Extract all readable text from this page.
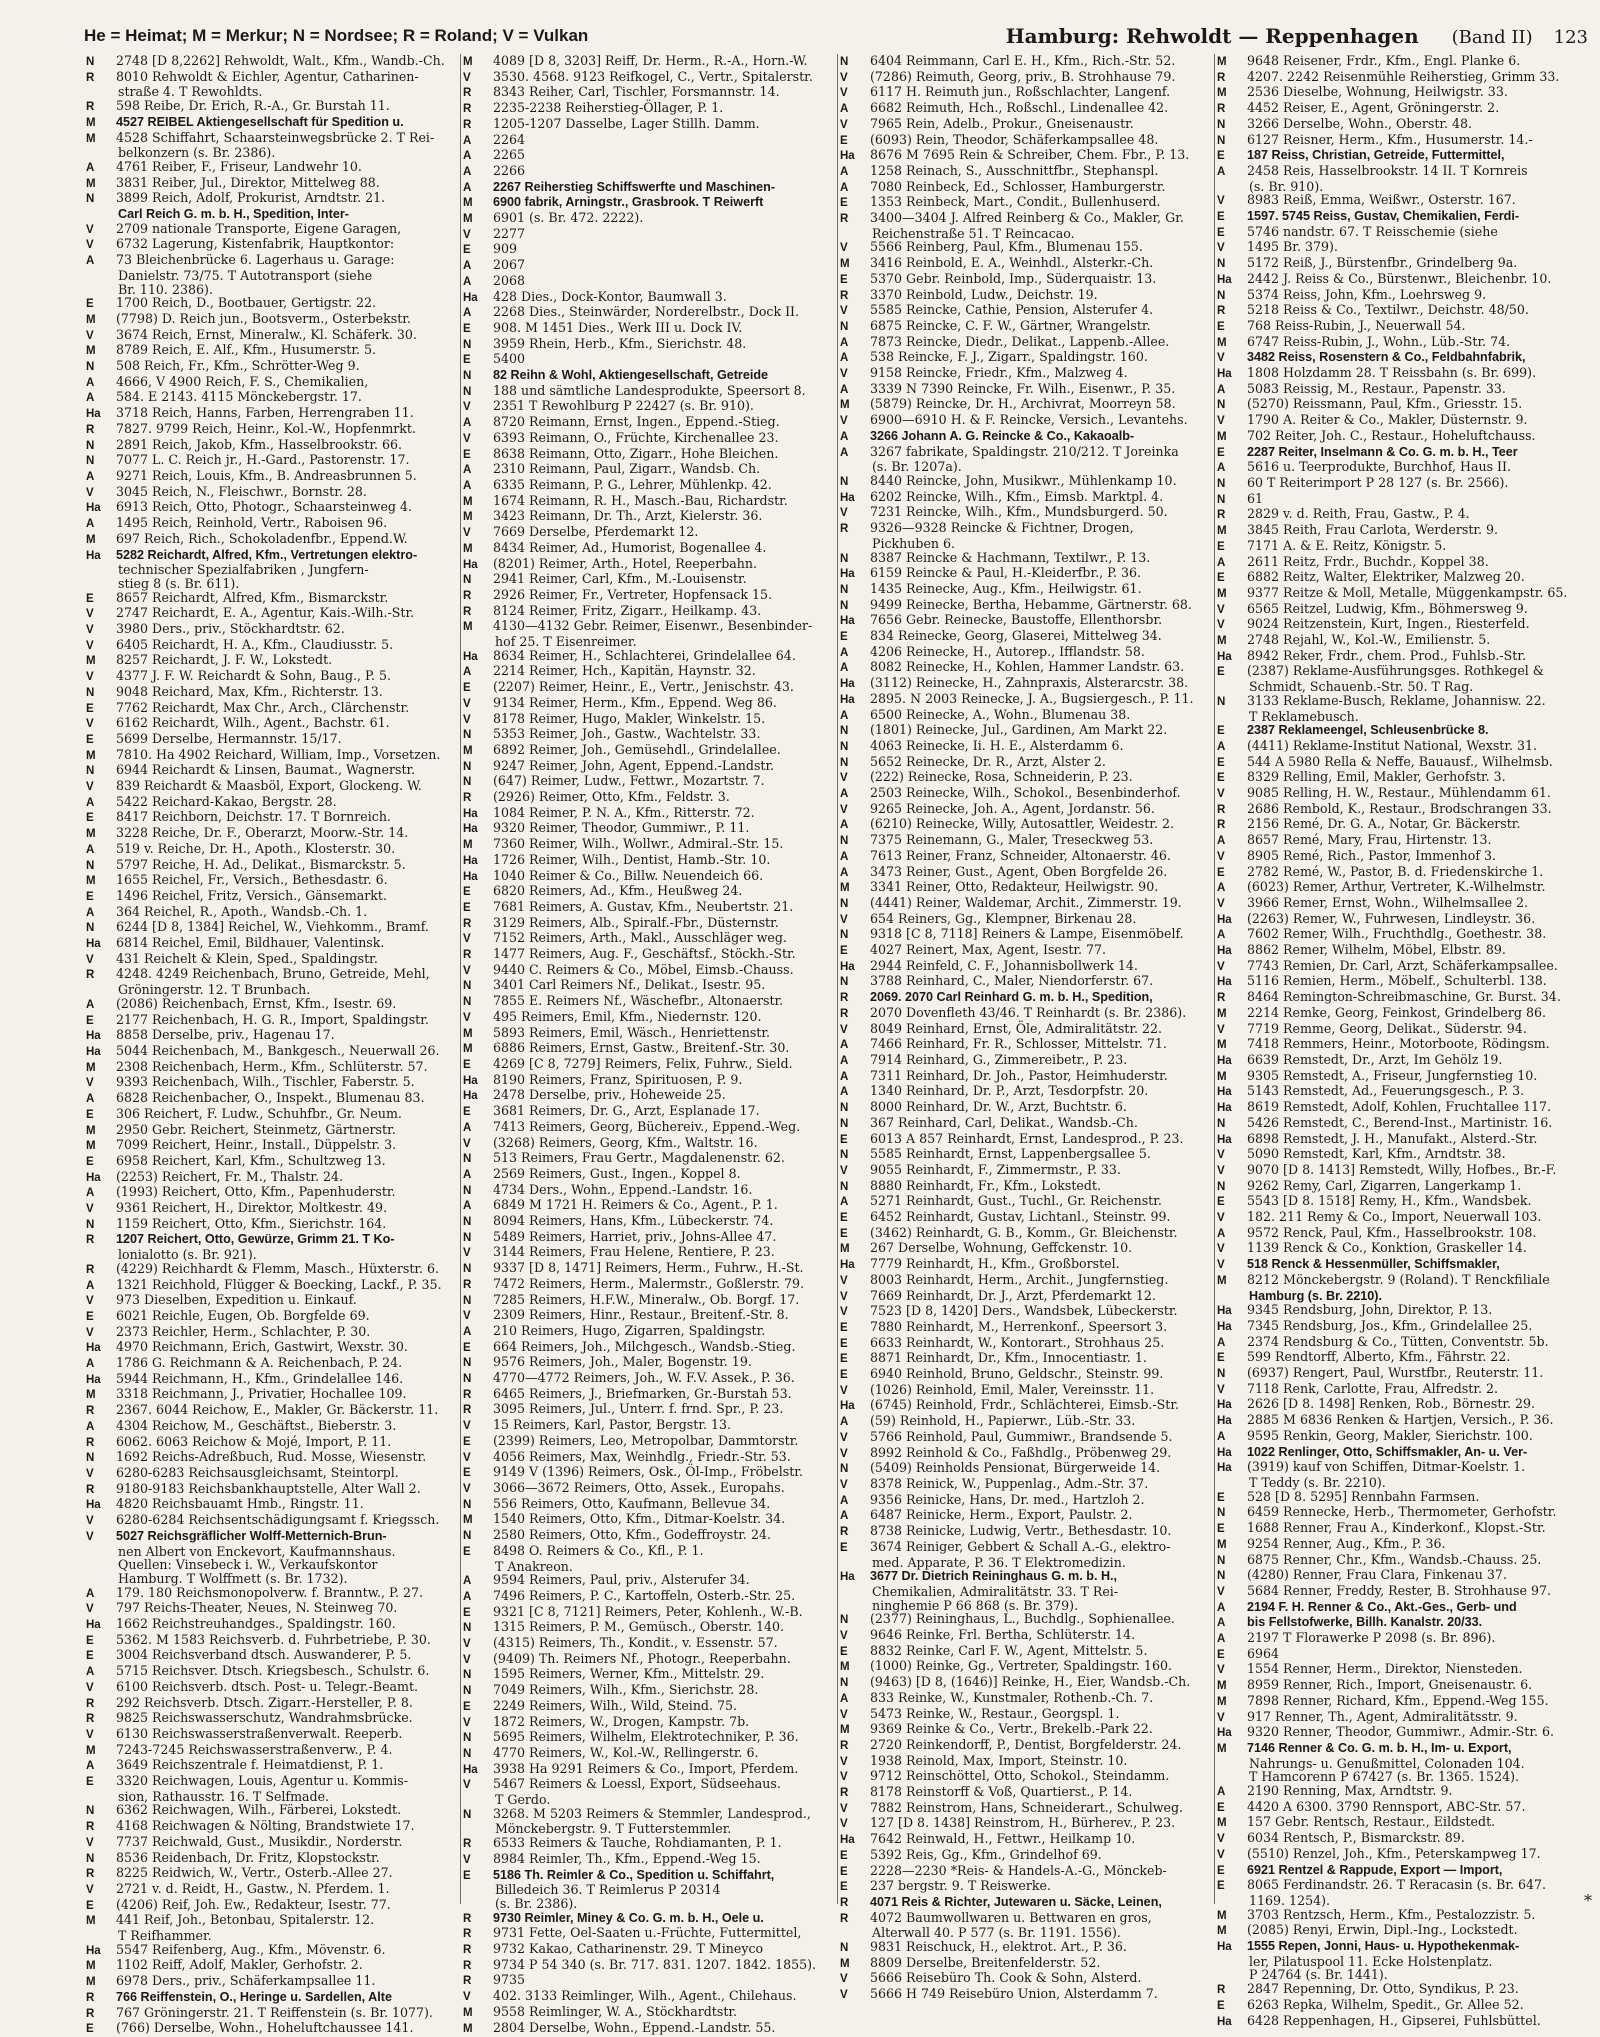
He = Heimat; M = Merkur; N = Nordsee; R = Roland; V = Vulkan	Hamburg: Rehwoldt — Reppenhagen (Band II) 123
N 2748 [D 8,2262] Rehwoldt, Walt., Kfm., Wandb.-Ch.
R 8010 Rehwoldt & Eichler, Agentur, Catharinen-
straße 4. T Rewohldts.
R 598 Reibe, Dr. Erich, R.-A., Gr. Burstah 11.
M 4527 REIBEL Aktiengesellschaft für Spedition u.
M 4528 Schiffahrt, Schaarsteinwegsbrücke 2. T Rei-
belkonzern (s. Br. 2386).
A 4761 Reiber, F., Friseur, Landwehr 10.
M 3831 Reiber, Jul., Direktor, Mittelweg 88.
N 3899 Reich, Adolf, Prokurist, Arndtstr. 21.
Carl Reich G. m. b. H., Spedition, Inter-
V 2709 nationale Transporte, Eigene Garagen,
V 6732 Lagerung, Kistenfabrik, Hauptkontor:
A 73 Bleichenbrücke 6. Lagerhaus u. Garage:
Danielstr. 73/75. T Autotransport (siehe
Br. 110. 2386).
E 1700 Reich, D., Bootbauer, Gertigstr. 22.
M (7798) D. Reich jun., Bootsverm., Osterbekstr.
V 3674 Reich, Ernst, Mineralw., Kl. Schäferk. 30.
M 8789 Reich, E. Alf., Kfm., Husumerstr. 5.
N 508 Reich, Fr., Kfm., Schrötter-Weg 9.
A 4666, V 4900 Reich, F. S., Chemikalien,
A 584. E 2143. 4115 Mönckebergstr. 17.
Ha 3718 Reich, Hanns, Farben, Herrengraben 11.
R 7827. 9799 Reich, Heinr., Kol.-W., Hopfenmrkt.
N 2891 Reich, Jakob, Kfm., Hasselbrookstr. 66.
N 7077 L. C. Reich jr., H.-Gard., Pastorenstr. 17.
A 9271 Reich, Louis, Kfm., B. Andreasbrunnen 5.
V 3045 Reich, N., Fleischwr., Bornstr. 28.
Ha 6913 Reich, Otto, Photogr., Schaarsteinweg 4.
A 1495 Reich, Reinhold, Vertr., Raboisen 96.
M 697 Reich, Rich., Schokoladenfbr., Eppend.W.
Ha 5282 Reichardt, Alfred, Kfm., Vertretungen elektro-
technischer Spezialfabriken , Jungfern-
stieg 8 (s. Br. 611).
E 8657 Reichardt, Alfred, Kfm., Bismarckstr.
V 2747 Reichardt, E. A., Agentur, Kais.-Wilh.-Str.
V 3980 Ders., priv., Stöckhardtstr. 62.
V 6405 Reichardt, H. A., Kfm., Claudiusstr. 5.
M 8257 Reichardt, J. F. W., Lokstedt.
V 4377 J. F. W. Reichardt & Sohn, Baug., P. 5.
N 9048 Reichard, Max, Kfm., Richterstr. 13.
E 7762 Reichardt, Max Chr., Arch., Clärchenstr.
V 6162 Reichardt, Wilh., Agent., Bachstr. 61.
E 5699 Derselbe, Hermannstr. 15/17.
M 7810. Ha 4902 Reichard, William, Imp., Vorsetzen.
N 6944 Reichardt & Linsen, Baumat., Wagnerstr.
V 839 Reichardt & Maasböl, Export, Glockeng. W.
A 5422 Reichard-Kakao, Bergstr. 28.
E 8417 Reichborn, Deichstr. 17. T Bornreich.
M 3228 Reiche, Dr. F., Oberarzt, Moorw.-Str. 14.
A 519 v. Reiche, Dr. H., Apoth., Klosterstr. 30.
N 5797 Reiche, H. Ad., Delikat., Bismarckstr. 5.
M 1655 Reichel, Fr., Versich., Bethesdastr. 6.
E 1496 Reichel, Fritz, Versich., Gänsemarkt.
A 364 Reichel, R., Apoth., Wandsb.-Ch. 1.
N 6244 [D 8, 1384] Reichel, W., Viehkomm., Bramf.
Ha 6814 Reichel, Emil, Bildhauer, Valentinsk.
V 431 Reichelt & Klein, Sped., Spaldingstr.
R 4248. 4249 Reichenbach, Bruno, Getreide, Mehl,
Gröningerstr. 12. T Brunbach.
A (2086) Reichenbach, Ernst, Kfm., Isestr. 69.
E 2177 Reichenbach, H. G. R., Import, Spaldingstr.
Ha 8858 Derselbe, priv., Hagenau 17.
Ha 5044 Reichenbach, M., Bankgesch., Neuerwall 26.
M 2308 Reichenbach, Herm., Kfm., Schlüterstr. 57.
V 9393 Reichenbach, Wilh., Tischler, Faberstr. 5.
A 6828 Reichenbacher, O., Inspekt., Blumenau 83.
E 306 Reichert, F. Ludw., Schuhfbr., Gr. Neum.
M 2950 Gebr. Reichert, Steinmetz, Gärtnerstr.
M 7099 Reichert, Heinr., Install., Düppelstr. 3.
E 6958 Reichert, Karl, Kfm., Schultzweg 13.
Ha (2253) Reichert, Fr. M., Thalstr. 24.
A (1993) Reichert, Otto, Kfm., Papenhuderstr.
V 9361 Reichert, H., Direktor, Moltkestr. 49.
N 1159 Reichert, Otto, Kfm., Sierichstr. 164.
R 1207 Reichert, Otto, Gewürze, Grimm 21. T Ko-
lonialotto (s. Br. 921).
R (4229) Reichhardt & Flemm, Masch., Hüxterstr. 6.
A 1321 Reichhold, Flügger & Boecking, Lackf., P. 35.
V 973 Dieselben, Expedition u. Einkauf.
E 6021 Reichle, Eugen, Ob. Borgfelde 69.
V 2373 Reichler, Herm., Schlachter, P. 30.
Ha 4970 Reichmann, Erich, Gastwirt, Wexstr. 30.
A 1786 G. Reichmann & A. Reichenbach, P. 24.
Ha 5944 Reichmann, H., Kfm., Grindelallee 146.
M 3318 Reichmann, J., Privatier, Hochallee 109.
R 2367. 6044 Reichow, E., Makler, Gr. Bäckerstr. 11.
A 4304 Reichow, M., Geschäftst., Bieberstr. 3.
R 6062. 6063 Reichow & Mojé, Import, P. 11.
N 1692 Reichs-Adreßbuch, Rud. Mosse, Wiesenstr.
V 6280-6283 Reichsausgleichsamt, Steintorpl.
R 9180-9183 Reichsbankhauptstelle, Alter Wall 2.
Ha 4820 Reichsbauamt Hmb., Ringstr. 11.
V 6280-6284 Reichsentschädigungsamt f. Kriegssch.
V 5027 Reichsgräflicher Wolff-Metternich-Brun-
nen Albert von Enckevort, Kaufmannshaus.
Quellen: Vinsebeck i. W., Verkaufskontor
Hamburg. T Wolffmett (s. Br. 1732).
A 179. 180 Reichsmonopolverw. f. Branntw., P. 27.
V 797 Reichs-Theater, Neues, N. Steinweg 70.
Ha 1662 Reichstreuhandges., Spaldingstr. 160.
E 5362. M 1583 Reichsverb. d. Fuhrbetriebe, P. 30.
E 3004 Reichsverband dtsch. Auswanderer, P. 5.
A 5715 Reichsver. Dtsch. Kriegsbesch., Schulstr. 6.
V 6100 Reichsverb. dtsch. Post- u. Telegr.-Beamt.
R 292 Reichsverb. Dtsch. Zigarr.-Hersteller, P. 8.
R 9825 Reichswasserschutz, Wandrahmsbrücke.
V 6130 Reichswasserstraßenverwalt. Reeperb.
M 7243-7245 Reichswasserstraßenverw., P. 4.
A 3649 Reichszentrale f. Heimatdienst, P. 1.
E 3320 Reichwagen, Louis, Agentur u. Kommis-
sion, Rathausstr. 16. T Selfmade.
N 6362 Reichwagen, Wilh., Färberei, Lokstedt.
R 4168 Reichwagen & Nölting, Brandstwiete 17.
V 7737 Reichwald, Gust., Musikdir., Norderstr.
N 8536 Reidenbach, Dr. Fritz, Klopstockstr.
R 8225 Reidwich, W., Vertr., Osterb.-Allee 27.
V 2721 v. d. Reidt, H., Gastw., N. Pferdem. 1.
E (4206) Reif, Joh. Ew., Redakteur, Isestr. 77.
M 441 Reif, Joh., Betonbau, Spitalerstr. 12.
T Reifhammer.
Ha 5547 Reifenberg, Aug., Kfm., Mövenstr. 6.
M 1102 Reiff, Adolf, Makler, Gerhofstr. 2.
M 6978 Ders., priv., Schäferkampsallee 11.
R 766 Reiffenstein, O., Heringe u. Sardellen, Alte
R 767 Gröningerstr. 21. T Reiffenstein (s. Br. 1077).
E (766) Derselbe, Wohn., Hoheluftchaussee 141.
M 4089 [D 8, 3203] Reiff, Dr. Herm., R.-A., Horn.-W.
V 3530. 4568. 9123 Reifkogel, C., Vertr., Spitalerstr.
R 8343 Reiher, Carl, Tischler, Forsmannstr. 14.
R 2235-2238 Reiherstieg-Öllager, P. 1.
R 1205-1207 Dasselbe, Lager Stillh. Damm.
A 2264
A 2265
A 2266
A 2267 Reiherstieg Schiffswerfte und Maschinen-
M 6900 fabrik, Arningstr., Grasbrook. T Reiwerft
M 6901 (s. Br. 472. 2222).
V 2277
E 909
A 2067
A 2068
Ha 428 Dies., Dock-Kontor, Baumwall 3.
A 2268 Dies., Steinwärder, Norderelbstr., Dock II.
E 908. M 1451 Dies., Werk III u. Dock IV.
N 3959 Rhein, Herb., Kfm., Sierichstr. 48.
E 5400
N 82 Reihn & Wohl, Aktiengesellschaft, Getreide
N 188 und sämtliche Landesprodukte, Speersort 8.
V 2351 T Rewohlburg P 22427 (s. Br. 910).
A 8720 Reimann, Ernst, Ingen., Eppend.-Stieg.
V 6393 Reimann, O., Früchte, Kirchenallee 23.
E 8638 Reimann, Otto, Zigarr., Hohe Bleichen.
A 2310 Reimann, Paul, Zigarr., Wandsb. Ch.
A 6335 Reimann, P. G., Lehrer, Mühlenkp. 42.
M 1674 Reimann, R. H., Masch.-Bau, Richardstr.
M 3423 Reimann, Dr. Th., Arzt, Kielerstr. 36.
V 7669 Derselbe, Pferdemarkt 12.
M 8434 Reimer, Ad., Humorist, Bogenallee 4.
Ha (8201) Reimer, Arth., Hotel, Reeperbahn.
N 2941 Reimer, Carl, Kfm., M.-Louisenstr.
R 2926 Reimer, Fr., Vertreter, Hopfensack 15.
R 8124 Reimer, Fritz, Zigarr., Heilkamp. 43.
M 4130—4132 Gebr. Reimer, Eisenwr., Besenbinder-
hof 25. T Eisenreimer.
Ha 8634 Reimer, H., Schlachterei, Grindelallee 64.
A 2214 Reimer, Hch., Kapitän, Haynstr. 32.
E (2207) Reimer, Heinr., E., Vertr., Jenischstr. 43.
V 9134 Reimer, Herm., Kfm., Eppend. Weg 86.
V 8178 Reimer, Hugo, Makler, Winkelstr. 15.
N 5353 Reimer, Joh., Gastw., Wachtelstr. 33.
M 6892 Reimer, Joh., Gemüsehdl., Grindelallee.
N 9247 Reimer, John, Agent, Eppend.-Landstr.
N (647) Reimer, Ludw., Fettwr., Mozartstr. 7.
R (2926) Reimer, Otto, Kfm., Feldstr. 3.
Ha 1084 Reimer, P. N. A., Kfm., Ritterstr. 72.
Ha 9320 Reimer, Theodor, Gummiwr., P. 11.
M 7360 Reimer, Wilh., Wollwr., Admiral.-Str. 15.
Ha 1726 Reimer, Wilh., Dentist, Hamb.-Str. 10.
Ha 1040 Reimer & Co., Billw. Neuendeich 66.
E 6820 Reimers, Ad., Kfm., Heußweg 24.
E 7681 Reimers, A. Gustav, Kfm., Neubertstr. 21.
R 3129 Reimers, Alb., Spiralf.-Fbr., Düsternstr.
V 7152 Reimers, Arth., Makl., Ausschläger weg.
R 1477 Reimers, Aug. F., Geschäftsf., Stöckh.-Str.
V 9440 C. Reimers & Co., Möbel, Eimsb.-Chauss.
N 3401 Carl Reimers Nf., Delikat., Isestr. 95.
N 7855 E. Reimers Nf., Wäschefbr., Altonaerstr.
V 495 Reimers, Emil, Kfm., Niedernstr. 120.
M 5893 Reimers, Emil, Wäsch., Henriettenstr.
M 6886 Reimers, Ernst, Gastw., Breitenf.-Str. 30.
E 4269 [C 8, 7279] Reimers, Felix, Fuhrw., Sield.
Ha 8190 Reimers, Franz, Spirituosen, P. 9.
Ha 2478 Derselbe, priv., Hoheweide 25.
E 3681 Reimers, Dr. G., Arzt, Esplanade 17.
A 7413 Reimers, Georg, Büchereiv., Eppend.-Weg.
V (3268) Reimers, Georg, Kfm., Waltstr. 16.
N 513 Reimers, Frau Gertr., Magdalenenstr. 62.
A 2569 Reimers, Gust., Ingen., Koppel 8.
N 4734 Ders., Wohn., Eppend.-Landstr. 16.
A 6849 M 1721 H. Reimers & Co., Agent., P. 1.
N 8094 Reimers, Hans, Kfm., Lübeckerstr. 74.
N 5489 Reimers, Harriet, priv., Johns-Allee 47.
V 3144 Reimers, Frau Helene, Rentiere, P. 23.
N 9337 [D 8, 1471] Reimers, Herm., Fuhrw., H.-St.
R 7472 Reimers, Herm., Malermstr., Goßlerstr. 79.
N 7285 Reimers, H.F.W., Mineralw., Ob. Borgf. 17.
V 2309 Reimers, Hinr., Restaur., Breitenf.-Str. 8.
A 210 Reimers, Hugo, Zigarren, Spaldingstr.
E 664 Reimers, Joh., Milchgesch., Wandsb.-Stieg.
N 9576 Reimers, Joh., Maler, Bogenstr. 19.
N 4770—4772 Reimers, Joh., W. F.V. Assek., P. 36.
R 6465 Reimers, J., Briefmarken, Gr.-Burstah 53.
R 3095 Reimers, Jul., Unterr. f. frnd. Spr., P. 23.
V 15 Reimers, Karl, Pastor, Bergstr. 13.
E (2399) Reimers, Leo, Metropolbar, Dammtorstr.
V 4056 Reimers, Max, Weinhdlg., Friedr.-Str. 53.
E 9149 V (1396) Reimers, Osk., Öl-Imp., Fröbelstr.
V 3066—3672 Reimers, Otto, Assek., Europahs.
N 556 Reimers, Otto, Kaufmann, Bellevue 34.
M 1540 Reimers, Otto, Kfm., Ditmar-Koelstr. 34.
N 2580 Reimers, Otto, Kfm., Godeffroystr. 24.
E 8498 O. Reimers & Co., Kfl., P. 1.
T Anakreon.
A 9594 Reimers, Paul, priv., Alsterufer 34.
A 7496 Reimers, P. C., Kartoffeln, Osterb.-Str. 25.
E 9321 [C 8, 7121] Reimers, Peter, Kohlenh., W.-B.
N 1315 Reimers, P. M., Gemüsch., Oberstr. 140.
V (4315) Reimers, Th., Kondit., v. Essenstr. 57.
V (9409) Th. Reimers Nf., Photogr., Reeperbahn.
N 1595 Reimers, Werner, Kfm., Mittelstr. 29.
N 7049 Reimers, Wilh., Kfm., Sierichstr. 28.
E 2249 Reimers, Wilh., Wild, Steind. 75.
V 1872 Reimers, W., Drogen, Kampstr. 7b.
N 5695 Reimers, Wilhelm, Elektrotechniker, P. 36.
N 4770 Reimers, W., Kol.-W., Rellingerstr. 6.
Ha 3938 Ha 9291 Reimers & Co., Import, Pferdem.
V 5467 Reimers & Loessl, Export, Südseehaus.
T Gerdo.
N 3268. M 5203 Reimers & Stemmler, Landesprod.,
Mönckebergstr. 9. T Futterstemmler.
R 6533 Reimers & Tauche, Rohdiamanten, P. 1.
V 8984 Reimler, Th., Kfm., Eppend.-Weg 15.
E 5186 Th. Reimler & Co., Spedition u. Schiffahrt,
Billedeich 36. T Reimlerus P 20314
(s. Br. 2386).
R 9730 Reimler, Miney & Co. G. m. b. H., Oele u.
R 9731 Fette, Oel-Saaten u.-Früchte, Futtermittel,
R 9732 Kakao, Catharinenstr. 29. T Mineyco
R 9734 P 54 340 (s. Br. 717. 831. 1207. 1842. 1855).
R 9735
V 402. 3133 Reimlinger, Wilh., Agent., Chilehaus.
M 9558 Reimlinger, W. A., Stöckhardtstr.
M 2804 Derselbe, Wohn., Eppend.-Landstr. 55.
N 6404 Reimmann, Carl E. H., Kfm., Rich.-Str. 52.
V (7286) Reimuth, Georg, priv., B. Strohhause 79.
V 6117 H. Reimuth jun., Roßschlachter, Langenf.
A 6682 Reimuth, Hch., Roßschl., Lindenallee 42.
V 7965 Rein, Adelb., Prokur., Gneisenaustr.
E (6093) Rein, Theodor, Schäferkampsallee 48.
Ha 8676 M 7695 Rein & Schreiber, Chem. Fbr., P. 13.
A 1258 Reinach, S., Ausschnittfbr., Stephanspl.
A 7080 Reinbeck, Ed., Schlosser, Hamburgerstr.
E 1353 Reinbeck, Mart., Condit., Bullenhuserd.
R 3400—3404 J. Alfred Reinberg & Co., Makler, Gr.
Reichenstraße 51. T Reincacao.
V 5566 Reinberg, Paul, Kfm., Blumenau 155.
M 3416 Reinbold, E. A., Weinhdl., Alsterkr.-Ch.
E 5370 Gebr. Reinbold, Imp., Süderquaistr. 13.
R 3370 Reinbold, Ludw., Deichstr. 19.
V 5585 Reincke, Cathie, Pension, Alsterufer 4.
N 6875 Reincke, C. F. W., Gärtner, Wrangelstr.
A 7873 Reincke, Diedr., Delikat., Lappenb.-Allee.
A 538 Reincke, F. J., Zigarr., Spaldingstr. 160.
V 9158 Reincke, Friedr., Kfm., Malzweg 4.
A 3339 N 7390 Reincke, Fr. Wilh., Eisenwr., P. 35.
M (5879) Reincke, Dr. H., Archivrat, Moorreyn 58.
V 6900—6910 H. & F. Reincke, Versich., Levantehs.
A 3266 Johann A. G. Reincke & Co., Kakaoalb-
A 3267 fabrikate, Spaldingstr. 210/212. T Joreinka
(s. Br. 1207a).
N 8440 Reincke, John, Musikwr., Mühlenkamp 10.
Ha 6202 Reincke, Wilh., Kfm., Eimsb. Marktpl. 4.
V 7231 Reincke, Wilh., Kfm., Mundsburgerd. 50.
R 9326—9328 Reincke & Fichtner, Drogen,
Pickhuben 6.
N 8387 Reincke & Hachmann, Textilwr., P. 13.
Ha 6159 Reincke & Paul, H.-Kleiderfbr., P. 36.
N 1435 Reinecke, Aug., Kfm., Heilwigstr. 61.
N 9499 Reinecke, Bertha, Hebamme, Gärtnerstr. 68.
Ha 7656 Gebr. Reinecke, Baustoffe, Ellenthorsbr.
E 834 Reinecke, Georg, Glaserei, Mittelweg 34.
A 4206 Reinecke, H., Autorep., Ifflandstr. 58.
A 8082 Reinecke, H., Kohlen, Hammer Landstr. 63.
Ha (3112) Reinecke, H., Zahnpraxis, Alsterarcstr. 38.
Ha 2895. N 2003 Reinecke, J. A., Bugsiergesch., P. 11.
A 6500 Reinecke, A., Wohn., Blumenau 38.
N (1801) Reinecke, Jul., Gardinen, Am Markt 22.
N 4063 Reinecke, Ii. H. E., Alsterdamm 6.
N 5652 Reinecke, Dr. R., Arzt, Alster 2.
V (222) Reinecke, Rosa, Schneiderin, P. 23.
A 2503 Reinecke, Wilh., Schokol., Besenbinderhof.
V 9265 Reinecke, Joh. A., Agent, Jordanstr. 56.
A (6210) Reinecke, Willy, Autosattler, Weidestr. 2.
N 7375 Reinemann, G., Maler, Treseckweg 53.
A 7613 Reiner, Franz, Schneider, Altonaerstr. 46.
A 3473 Reiner, Gust., Agent, Oben Borgfelde 26.
M 3341 Reiner, Otto, Redakteur, Heilwigstr. 90.
N (4441) Reiner, Waldemar, Archit., Zimmerstr. 19.
V 654 Reiners, Gg., Klempner, Birkenau 28.
N 9318 [C 8, 7118] Reiners & Lampe, Eisenmöbelf.
E 4027 Reinert, Max, Agent, Isestr. 77.
Ha 2944 Reinfeld, C. F., Johannisbollwerk 14.
N 3788 Reinhard, C., Maler, Niendorferstr. 67.
R 2069. 2070 Carl Reinhard G. m. b. H., Spedition,
R 2070 Dovenfleth 43/46. T Reinhardt (s. Br. 2386).
V 8049 Reinhard, Ernst, Öle, Admiralitätstr. 22.
A 7466 Reinhard, Fr. R., Schlosser, Mittelstr. 71.
A 7914 Reinhard, G., Zimmereibetr., P. 23.
A 7311 Reinhard, Dr. Joh., Pastor, Heimhuderstr.
A 1340 Reinhard, Dr. P., Arzt, Tesdorpfstr. 20.
N 8000 Reinhard, Dr. W., Arzt, Buchtstr. 6.
N 367 Reinhard, Carl, Delikat., Wandsb.-Ch.
E 6013 A 857 Reinhardt, Ernst, Landesprod., P. 23.
N 5585 Reinhardt, Ernst, Lappenbergsallee 5.
V 9055 Reinhardt, F., Zimmermstr., P. 33.
N 8880 Reinhardt, Fr., Kfm., Lokstedt.
A 5271 Reinhardt, Gust., Tuchl., Gr. Reichenstr.
E 6452 Reinhardt, Gustav, Lichtanl., Steinstr. 99.
E (3462) Reinhardt, G. B., Komm., Gr. Bleichenstr.
M 267 Derselbe, Wohnung, Geffckenstr. 10.
Ha 7779 Reinhardt, H., Kfm., Großborstel.
V 8003 Reinhardt, Herm., Archit., Jungfernstieg.
V 7669 Reinhardt, Dr. J., Arzt, Pferdemarkt 12.
V 7523 [D 8, 1420] Ders., Wandsbek, Lübeckerstr.
E 7880 Reinhardt, M., Herrenkonf., Speersort 3.
E 6633 Reinhardt, W., Kontorart., Strohhaus 25.
E 8871 Reinhardt, Dr., Kfm., Innocentiastr. 1.
E 6940 Reinhold, Bruno, Geldschr., Steinstr. 99.
V (1026) Reinhold, Emil, Maler, Vereinsstr. 11.
Ha (6745) Reinhold, Frdr., Schlächterei, Eimsb.-Str.
A (59) Reinhold, H., Papierwr., Lüb.-Str. 33.
V 5766 Reinhold, Paul, Gummiwr., Brandsende 5.
V 8992 Reinhold & Co., Faßhdlg., Pröbenweg 29.
N (5409) Reinholds Pensionat, Bürgerweide 14.
V 8378 Reinick, W., Puppenlag., Adm.-Str. 37.
A 9356 Reinicke, Hans, Dr. med., Hartzloh 2.
A 6487 Reinicke, Herm., Export, Paulstr. 2.
R 8738 Reinicke, Ludwig, Vertr., Bethesdastr. 10.
E 3674 Reiniger, Gebbert & Schall A.-G., elektro-
med. Apparate, P. 36. T Elektromedizin.
Ha 3677 Dr. Dietrich Reininghaus G. m. b. H.,
Chemikalien, Admiralitätstr. 33. T Rei-
ninghemie P 66 868 (s. Br. 379).
N (2377) Reininghaus, L., Buchdlg., Sophienallee.
V 9646 Reinke, Frl. Bertha, Schlüterstr. 14.
E 8832 Reinke, Carl F. W., Agent, Mittelstr. 5.
M (1000) Reinke, Gg., Vertreter, Spaldingstr. 160.
N (9463) [D 8, (1646)] Reinke, H., Eier, Wandsb.-Ch.
A 833 Reinke, W., Kunstmaler, Rothenb.-Ch. 7.
V 5473 Reinke, W., Restaur., Georgspl. 1.
M 9369 Reinke & Co., Vertr., Brekelb.-Park 22.
R 2720 Reinkendorff, P., Dentist, Borgfelderstr. 24.
V 1938 Reinold, Max, Import, Steinstr. 10.
V 9712 Reinschöttel, Otto, Schokol., Steindamm.
R 8178 Reinstorff & Voß, Quartierst., P. 14.
V 7882 Reinstrom, Hans, Schneiderart., Schulweg.
V 127 [D 8. 1438] Reinstrom, H., Bürherev., P. 23.
Ha 7642 Reinwald, H., Fettwr., Heilkamp 10.
E 5392 Reis, Gg., Kfm., Grindelhof 69.
E 2228—2230 *Reis- & Handels-A.-G., Mönckeb-
E 237 bergstr. 9. T Reiswerke.
R 4071 Reis & Richter, Jutewaren u. Säcke, Leinen,
R 4072 Baumwollwaren u. Bettwaren en gros,
Alterwall 40. P 577 (s. Br. 1191. 1556).
N 9831 Reischuck, H., elektrot. Art., P. 36.
M 8809 Derselbe, Breitenfelderstr. 52.
V 5666 Reisebüro Th. Cook & Sohn, Alsterd.
V 5666 H 749 Reisebüro Union, Alsterdamm 7.
M 9648 Reisener, Frdr., Kfm., Engl. Planke 6.
R 4207. 2242 Reisenmühle Reiherstieg, Grimm 33.
M 2536 Dieselbe, Wohnung, Heilwigstr. 33.
R 4452 Reiser, E., Agent, Gröningerstr. 2.
N 3266 Derselbe, Wohn., Oberstr. 48.
N 6127 Reisner, Herm., Kfm., Husumerstr. 14.-
E 187 Reiss, Christian, Getreide, Futtermittel,
A 2458 Reis, Hasselbrookstr. 14 II. T Kornreis
(s. Br. 910).
V 8983 Reiß, Emma, Weißwr., Osterstr. 167.
E 1597. 5745 Reiss, Gustav, Chemikalien, Ferdi-
E 5746 nandstr. 67. T Reisschemie (siehe
V 1495 Br. 379).
N 5172 Reiß, J., Bürstenfbr., Grindelberg 9a.
Ha 2442 J. Reiss & Co., Bürstenwr., Bleichenbr. 10.
N 5374 Reiss, John, Kfm., Loehrsweg 9.
R 5218 Reiss & Co., Textilwr., Deichstr. 48/50.
E 768 Reiss-Rubin, J., Neuerwall 54.
M 6747 Reiss-Rubin, J., Wohn., Lüb.-Str. 74.
V 3482 Reiss, Rosenstern & Co., Feldbahnfabrik,
Ha 1808 Holzdamm 28. T Reissbahn (s. Br. 699).
A 5083 Reissig, M., Restaur., Papenstr. 33.
N (5270) Reissmann, Paul, Kfm., Griesstr. 15.
V 1790 A. Reiter & Co., Makler, Düsternstr. 9.
M 702 Reiter, Joh. C., Restaur., Hoheluftchauss.
E 2287 Reiter, Inselmann & Co. G. m. b. H., Teer
A 5616 u. Teerprodukte, Burchhof, Haus II.
N 60 T Reiterimport P 28 127 (s. Br. 2566).
N 61
R 2829 v. d. Reith, Frau, Gastw., P. 4.
M 3845 Reith, Frau Carlota, Werderstr. 9.
E 7171 A. & E. Reitz, Königstr. 5.
A 2611 Reitz, Frdr., Buchdr., Koppel 38.
E 6882 Reitz, Walter, Elektriker, Malzweg 20.
M 9377 Reitze & Moll, Metalle, Müggenkampstr. 65.
V 6565 Reitzel, Ludwig, Kfm., Böhmersweg 9.
V 9024 Reitzenstein, Kurt, Ingen., Riesterfeld.
M 2748 Rejahl, W., Kol.-W., Emilienstr. 5.
Ha 8942 Reker, Frdr., chem. Prod., Fuhlsb.-Str.
E (2387) Reklame-Ausführungsges. Rothkegel &
Schmidt, Schauenb.-Str. 50. T Rag.
N 3133 Reklame-Busch, Reklame, Johannisw. 22.
T Reklamebusch.
E 2387 Reklameengel, Schleusenbrücke 8.
A (4411) Reklame-Institut National, Wexstr. 31.
E 544 A 5980 Rella & Neffe, Bauausf., Wilhelmsb.
E 8329 Relling, Emil, Makler, Gerhofstr. 3.
V 9085 Relling, H. W., Restaur., Mühlendamm 61.
R 2686 Rembold, K., Restaur., Brodschrangen 33.
R 2156 Remé, Dr. G. A., Notar, Gr. Bäckerstr.
A 8657 Remé, Mary, Frau, Hirtenstr. 13.
V 8905 Remé, Rich., Pastor, Immenhof 3.
E 2782 Remé, W., Pastor, B. d. Friedenskirche 1.
A (6023) Remer, Arthur, Vertreter, K.-Wilhelmstr.
V 3966 Remer, Ernst, Wohn., Wilhelmsallee 2.
Ha (2263) Remer, W., Fuhrwesen, Lindleystr. 36.
A 7602 Remer, Wilh., Fruchthdlg., Goethestr. 38.
Ha 8862 Remer, Wilhelm, Möbel, Elbstr. 89.
V 7743 Remien, Dr. Carl, Arzt, Schäferkampsallee.
Ha 5116 Remien, Herm., Möbelf., Schulterbl. 138.
R 8464 Remington-Schreibmaschine, Gr. Burst. 34.
M 2214 Remke, Georg, Feinkost, Grindelberg 86.
V 7719 Remme, Georg, Delikat., Süderstr. 94.
M 7418 Remmers, Heinr., Motorboote, Rödingsm.
Ha 6639 Remstedt, Dr., Arzt, Im Gehölz 19.
M 9305 Remstedt, A., Frisеur, Jungfernstieg 10.
Ha 5143 Remstedt, Ad., Feuerungsgesch., P. 3.
Ha 8619 Remstedt, Adolf, Kohlen, Fruchtallee 117.
N 5426 Remstedt, C., Berend-Inst., Martinistr. 16.
Ha 6898 Remstedt, J. H., Manufakt., Alsterd.-Str.
V 5090 Remstedt, Karl, Kfm., Arndtstr. 38.
V 9070 [D 8. 1413] Remstedt, Willy, Hofbes., Br.-F.
N 9262 Remy, Carl, Zigarren, Langerkamp 1.
E 5543 [D 8. 1518] Remy, H., Kfm., Wandsbek.
V 182. 211 Remy & Co., Import, Neuerwall 103.
A 9572 Renck, Paul, Kfm., Hasselbrookstr. 108.
V 1139 Renck & Co., Konktion, Graskeller 14.
V 518 Renck & Hessenmüller, Schiffsmakler,
M 8212 Mönckebergstr. 9 (Roland). T Renckfiliale
Hamburg (s. Br. 2210).
Ha 9345 Rendsburg, John, Direktor, P. 13.
Ha 7345 Rendsburg, Jos., Kfm., Grindelallee 25.
A 2374 Rendsburg & Co., Tütten, Conventstr. 5b.
E 599 Rendtorff, Alberto, Kfm., Fährstr. 22.
N (6937) Rengert, Paul, Wurstfbr., Reuterstr. 11.
V 7118 Renk, Carlotte, Frau, Alfredstr. 2.
Ha 2626 [D 8. 1498] Renken, Rob., Börnestr. 29.
Ha 2885 M 6836 Renken & Hartjen, Versich., P. 36.
A 9595 Renkin, Georg, Makler, Sierichstr. 100.
Ha 1022 Renlinger, Otto, Schiffsmakler, An- u. Ver-
Ha (3919) kauf von Schiffen, Ditmar-Koelstr. 1.
T Teddy (s. Br. 2210).
E 528 [D 8. 5295] Rennbahn Farmsen.
N 6459 Rennecke, Herb., Thermometer, Gerhofstr.
E 1688 Renner, Frau A., Kinderkonf., Klopst.-Str.
M 9254 Renner, Aug., Kfm., P. 36.
N 6875 Renner, Chr., Kfm., Wandsb.-Chauss. 25.
N (4280) Renner, Frau Clara, Finkenau 37.
V 5684 Renner, Freddy, Rester, B. Strohhause 97.
A 2194 F. H. Renner & Co., Akt.-Ges., Gerb- und
A bis Fellstofwerke, Billh. Kanalstr. 20/33.
A 2197 T Florawerke P 2098 (s. Br. 896).
E 6964
V 1554 Renner, Herm., Direktor, Niensteden.
M 8959 Renner, Rich., Import, Gneisenaustr. 6.
M 7898 Renner, Richard, Kfm., Eppend.-Weg 155.
V 917 Renner, Th., Agent, Admiralitätsstr. 9.
Ha 9320 Renner, Theodor, Gummiwr., Admir.-Str. 6.
M 7146 Renner & Co. G. m. b. H., Im- u. Export,
Nahrungs- u. Genußmittel, Colonaden 104.
T Hamcorenn P 67427 (s. Br. 1365. 1524).
A 2190 Renning, Max, Arndtstr. 9.
E 4420 A 6300. 3790 Rennsport, ABC-Str. 57.
M 157 Gebr. Rentsch, Restaur., Eildstedt.
V 6034 Rentsch, P., Bismarckstr. 89.
V (5510) Renzel, Joh., Kfm., Peterskampweg 17.
E 6921 Rentzel & Rappude, Export — Import,
E 8065 Ferdinandstr. 26. T Reracasin (s. Br. 647.
1169. 1254).
M 3703 Rentzsch, Herm., Kfm., Pestalozzistr. 5.
M (2085) Renyi, Erwin, Dipl.-Ing., Lockstedt.
Ha 1555 Repen, Jonni, Haus- u. Hypothekenmak-
ler, Pilatuspool 11. Ecke Holstenplatz.
P 24764 (s. Br. 1441).
R 2847 Repenning, Dr. Otto, Syndikus, P. 23.
E 6263 Repka, Wilhelm, Spedit., Gr. Allee 52.
Ha 6428 Reppenhagen, H., Gipserei, Fuhlsbüttel.
*
